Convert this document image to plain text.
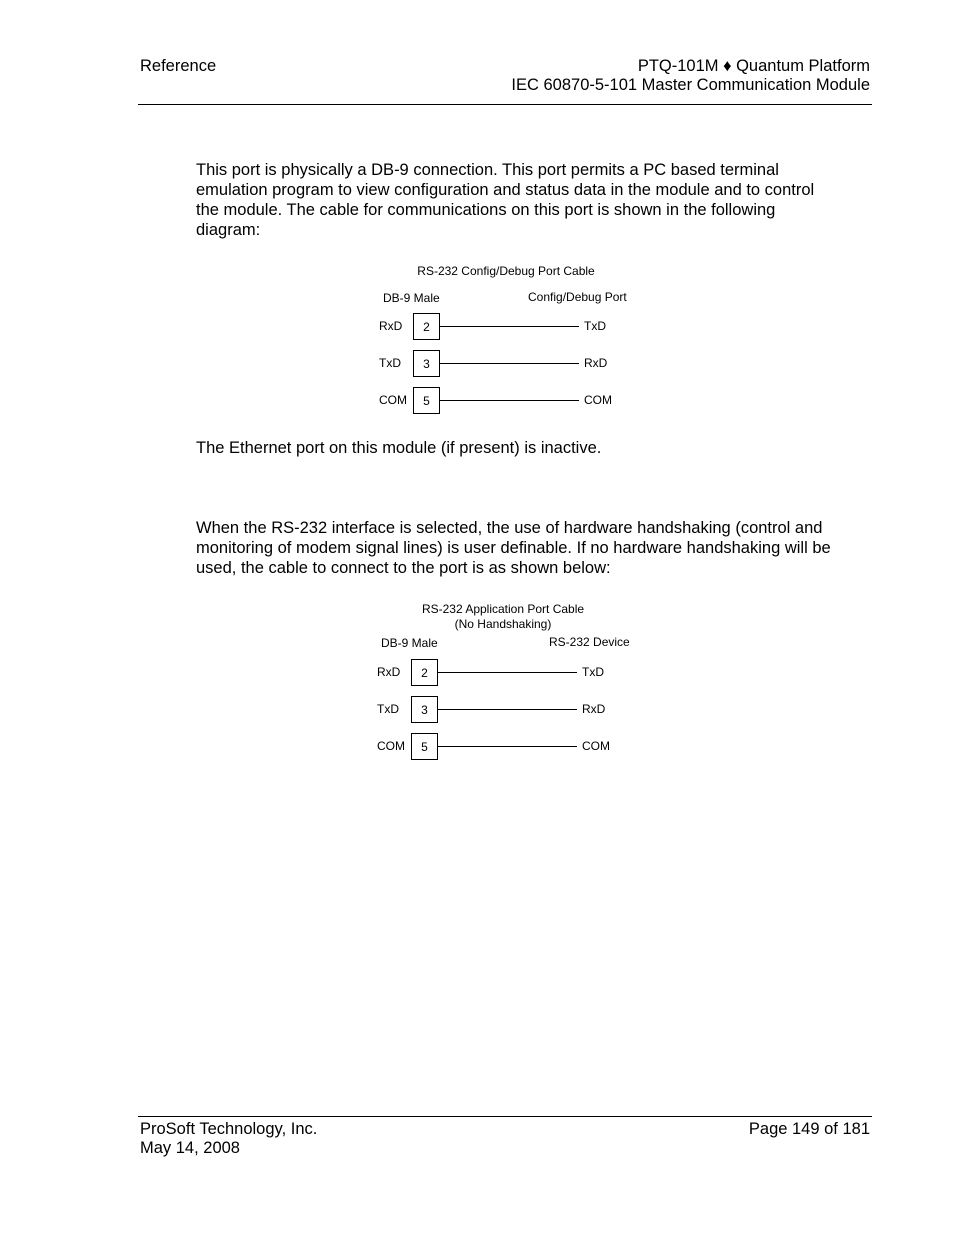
Reference	PTQ-101M ♦ Quantum Platform
IEC 60870-5-101 Master Communication Module

This port is physically a DB-9 connection. This port permits a PC based terminal emulation program to view configuration and status data in the module and to control the module. The cable for communications on this port is shown in the following diagram:

RS-232 Config/Debug Port Cable
DB-9 Male	Config/Debug Port
RxD	2	TxD
TxD	3	RxD
COM	5	COM

The Ethernet port on this module (if present) is inactive.

When the RS-232 interface is selected, the use of hardware handshaking (control and monitoring of modem signal lines) is user definable. If no hardware handshaking will be used, the cable to connect to the port is as shown below:

RS-232 Application Port Cable
(No Handshaking)
DB-9 Male	RS-232 Device
RxD	2	TxD
TxD	3	RxD
COM	5	COM
ProSoft Technology, Inc.
May 14, 2008
Page 149 of 181
